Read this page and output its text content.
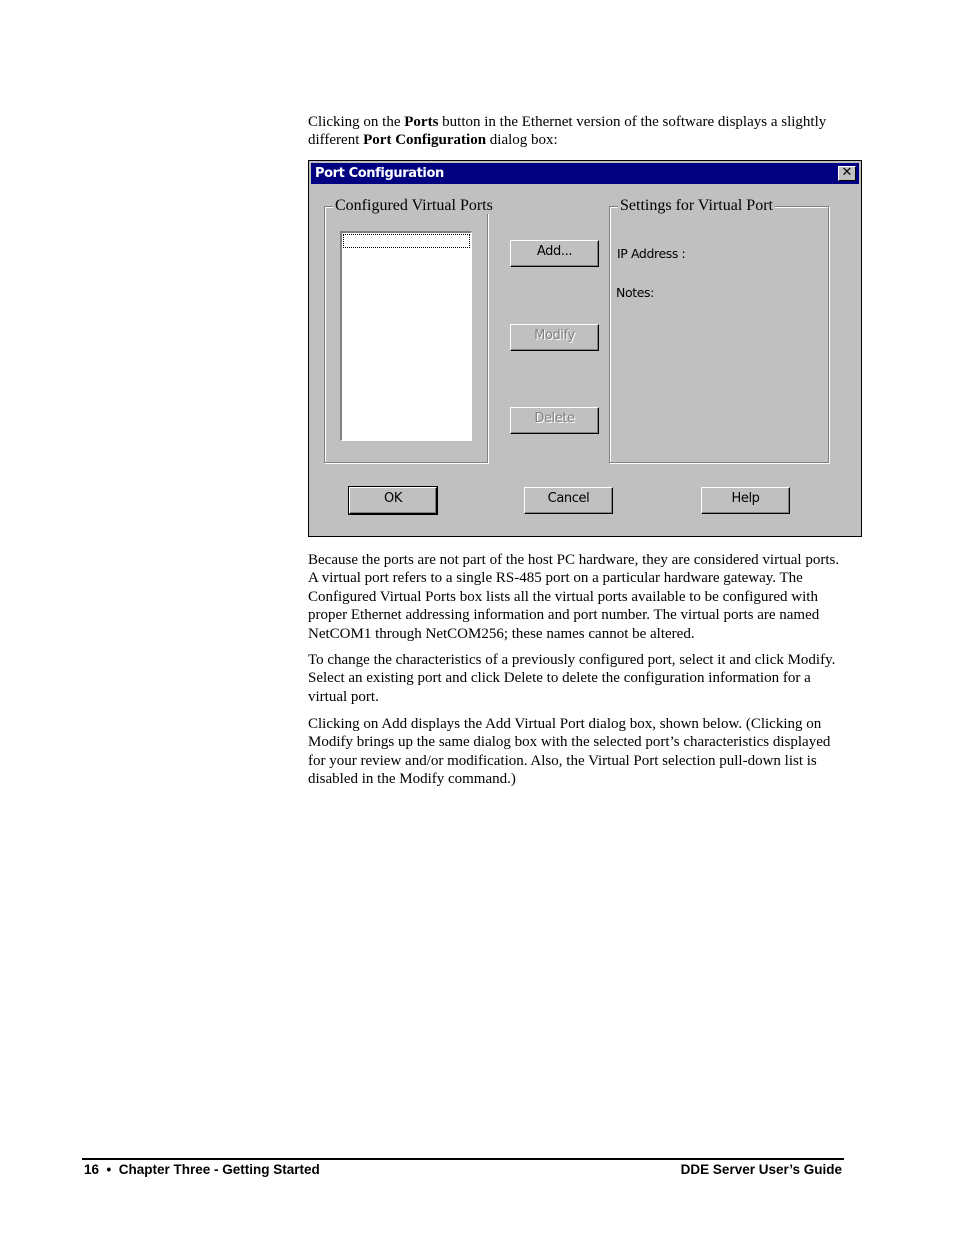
Clicking on the Ports button in the Ethernet version of the software displays a slightly different Port Configuration dialog box:

Port Configuration	✕
Configured Virtual Ports	Settings for Virtual Port
IP Address :
Notes:
Add...
Modify
Delete
OK	Cancel	Help

Because the ports are not part of the host PC hardware, they are considered virtual ports. A virtual port refers to a single RS-485 port on a particular hardware gateway. The Configured Virtual Ports box lists all the virtual ports available to be configured with proper Ethernet addressing information and port number. The virtual ports are named NetCOM1 through NetCOM256; these names cannot be altered.

To change the characteristics of a previously configured port, select it and click Modify. Select an existing port and click Delete to delete the configuration information for a virtual port.

Clicking on Add displays the Add Virtual Port dialog box, shown below. (Clicking on Modify brings up the same dialog box with the selected port’s characteristics displayed for your review and/or modification. Also, the Virtual Port selection pull-down list is disabled in the Modify command.)

16  •  Chapter Three - Getting Started	DDE Server User’s Guide
